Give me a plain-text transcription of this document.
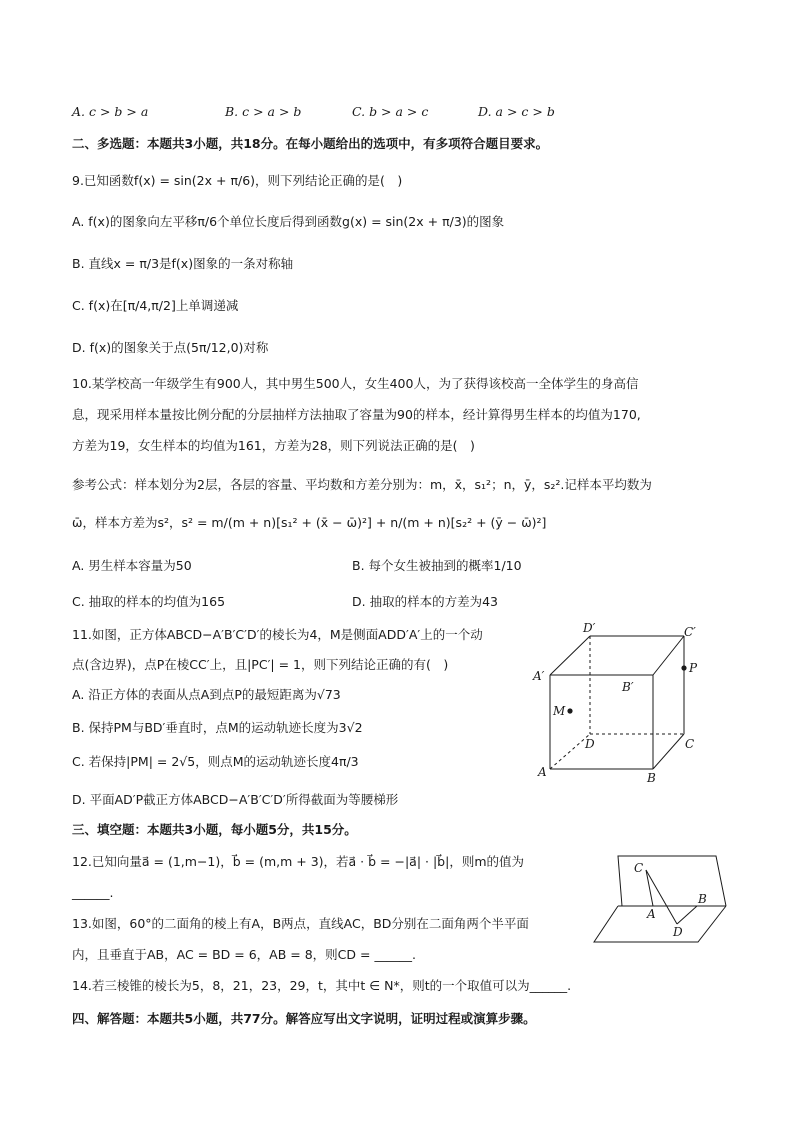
A. c > b > a	B. c > a > b	C. b > a > c	D. a > c > b
二、多选题：本题共3小题，共18分。在每小题给出的选项中，有多项符合题目要求。
9.已知函数f(x) = sin(2x + π/6)，则下列结论正确的是(　)
A. f(x)的图象向左平移π/6个单位长度后得到函数g(x) = sin(2x + π/3)的图象
B. 直线x = π/3是f(x)图象的一条对称轴
C. f(x)在[π/4,π/2]上单调递减
D. f(x)的图象关于点(5π/12,0)对称
10.某学校高一年级学生有900人，其中男生500人，女生400人，为了获得该校高一全体学生的身高信
息，现采用样本量按比例分配的分层抽样方法抽取了容量为90的样本，经计算得男生样本的均值为170,
方差为19，女生样本的均值为161，方差为28，则下列说法正确的是(　)
参考公式：样本划分为2层，各层的容量、平均数和方差分别为：m，x̄，s₁²；n，ȳ，s₂².记样本平均数为
ω̄，样本方差为s²，s² = m/(m + n)[s₁² + (x̄ − ω̄)²] + n/(m + n)[s₂² + (ȳ − ω̄)²]
A. 男生样本容量为50	B. 每个女生被抽到的概率1/10
C. 抽取的样本的均值为165	D. 抽取的样本的方差为43
11.如图，正方体ABCD−A′B′C′D′的棱长为4，M是侧面ADD′A′上的一个动
点(含边界)，点P在棱CC′上，且|PC′| = 1，则下列结论正确的有(　)
A. 沿正方体的表面从点A到点P的最短距离为√73
B. 保持PM与BD′垂直时，点M的运动轨迹长度为3√2
C. 若保持|PM| = 2√5，则点M的运动轨迹长度4π/3
D. 平面AD′P截正方体ABCD−A′B′C′D′所得截面为等腰梯形
D′	C′
A′
B′
P
M
D	C
A	B
三、填空题：本题共3小题，每小题5分，共15分。
12.已知向量a⃗ = (1,m−1)，b⃗ = (m,m + 3)，若a⃗ · b⃗ = −|a⃗| · |b⃗|，则m的值为
______.
13.如图，60°的二面角的棱上有A，B两点，直线AC，BD分别在二面角两个半平面
内，且垂直于AB，AC = BD = 6，AB = 8，则CD = ______.
C
A
B
D
14.若三棱锥的棱长为5，8，21，23，29，t，其中t ∈ N*，则t的一个取值可以为______.
四、解答题：本题共5小题，共77分。解答应写出文字说明，证明过程或演算步骤。
